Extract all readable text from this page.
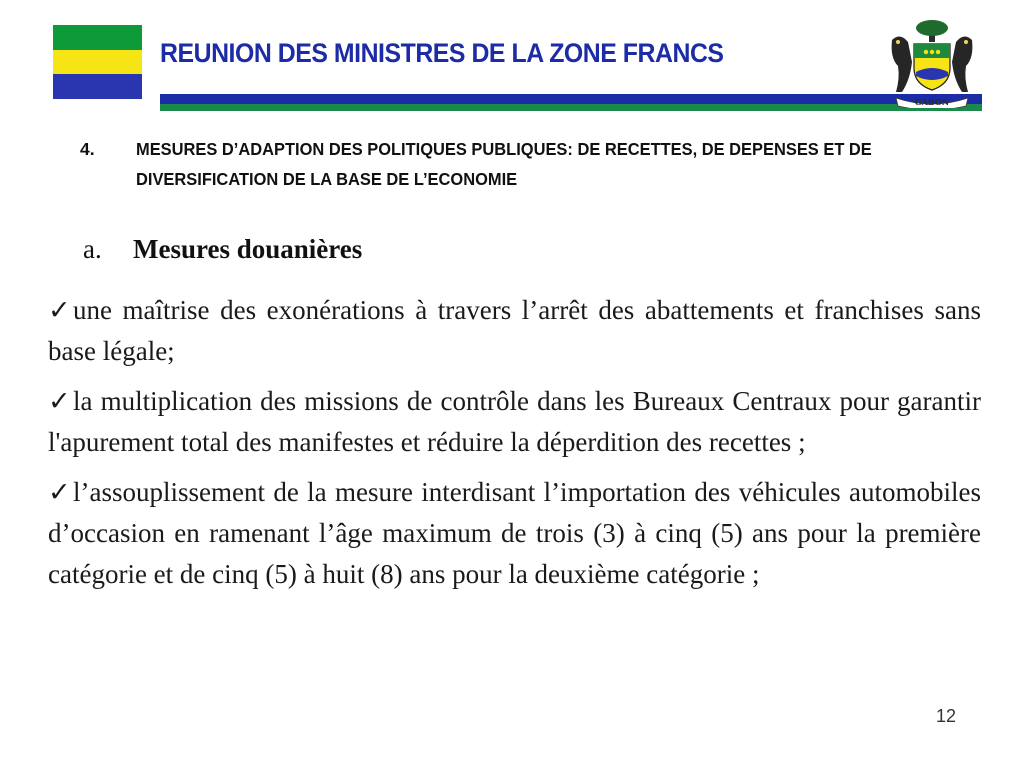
REUNION DES MINISTRES DE LA ZONE FRANCS
GABON
4. MESURES D’ADAPTION DES POLITIQUES PUBLIQUES: DE RECETTES, DE DEPENSES ET DE DIVERSIFICATION DE LA BASE DE L’ECONOMIE
a. Mesures douanières

✓une maîtrise des exonérations à travers l’arrêt des abattements et franchises sans base légale;

✓la multiplication des missions de contrôle dans les Bureaux Centraux pour garantir l'apurement total des manifestes et réduire la déperdition des recettes ;

✓l’assouplissement de la mesure interdisant l’importation des véhicules automobiles d’occasion en ramenant l’âge maximum de trois (3) à cinq (5) ans pour la première catégorie et de cinq (5) à huit (8) ans pour la deuxième catégorie ;

12
